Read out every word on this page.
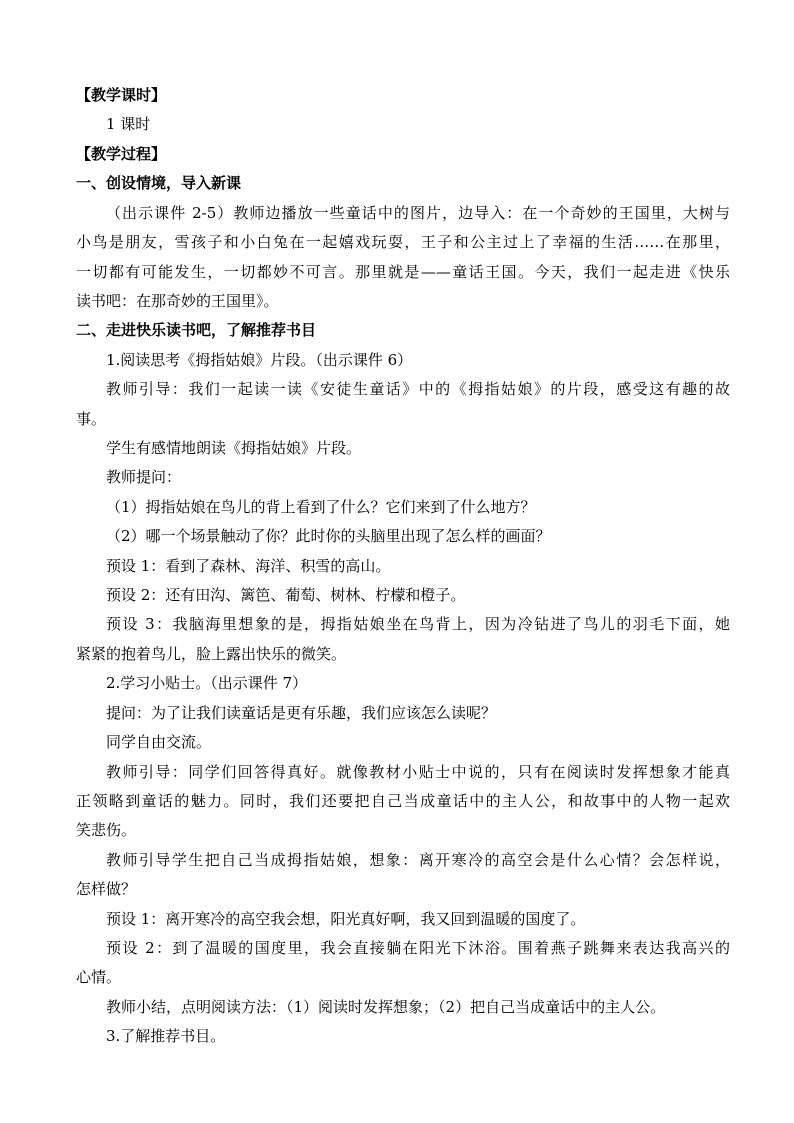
【教学课时】
1 课时
【教学过程】
一、创设情境，导入新课
（出示课件 2-5）教师边播放一些童话中的图片，边导入：在一个奇妙的王国里，大树与
小鸟是朋友，雪孩子和小白兔在一起嬉戏玩耍，王子和公主过上了幸福的生活……在那里，
一切都有可能发生，一切都妙不可言。那里就是——童话王国。今天，我们一起走进《快乐
读书吧：在那奇妙的王国里》。
二、走进快乐读书吧，了解推荐书目
1.阅读思考《拇指姑娘》片段。（出示课件 6）
教师引导：我们一起读一读《安徒生童话》中的《拇指姑娘》的片段，感受这有趣的故
事。
学生有感情地朗读《拇指姑娘》片段。
教师提问：
（1）拇指姑娘在鸟儿的背上看到了什么？它们来到了什么地方？
（2）哪一个场景触动了你？此时你的头脑里出现了怎么样的画面？
预设 1：看到了森林、海洋、积雪的高山。
预设 2：还有田沟、篱笆、葡萄、树林、柠檬和橙子。
预设 3：我脑海里想象的是，拇指姑娘坐在鸟背上，因为冷钻进了鸟儿的羽毛下面，她
紧紧的抱着鸟儿，脸上露出快乐的微笑。
2.学习小贴士。（出示课件 7）
提问：为了让我们读童话是更有乐趣，我们应该怎么读呢？
同学自由交流。
教师引导：同学们回答得真好。就像教材小贴士中说的，只有在阅读时发挥想象才能真
正领略到童话的魅力。同时，我们还要把自己当成童话中的主人公，和故事中的人物一起欢
笑悲伤。
教师引导学生把自己当成拇指姑娘，想象：离开寒冷的高空会是什么心情？会怎样说，
怎样做？
预设 1：离开寒冷的高空我会想，阳光真好啊，我又回到温暖的国度了。
预设 2：到了温暖的国度里，我会直接躺在阳光下沐浴。围着燕子跳舞来表达我高兴的
心情。
教师小结，点明阅读方法：（1）阅读时发挥想象；（2）把自己当成童话中的主人公。
3.了解推荐书目。
